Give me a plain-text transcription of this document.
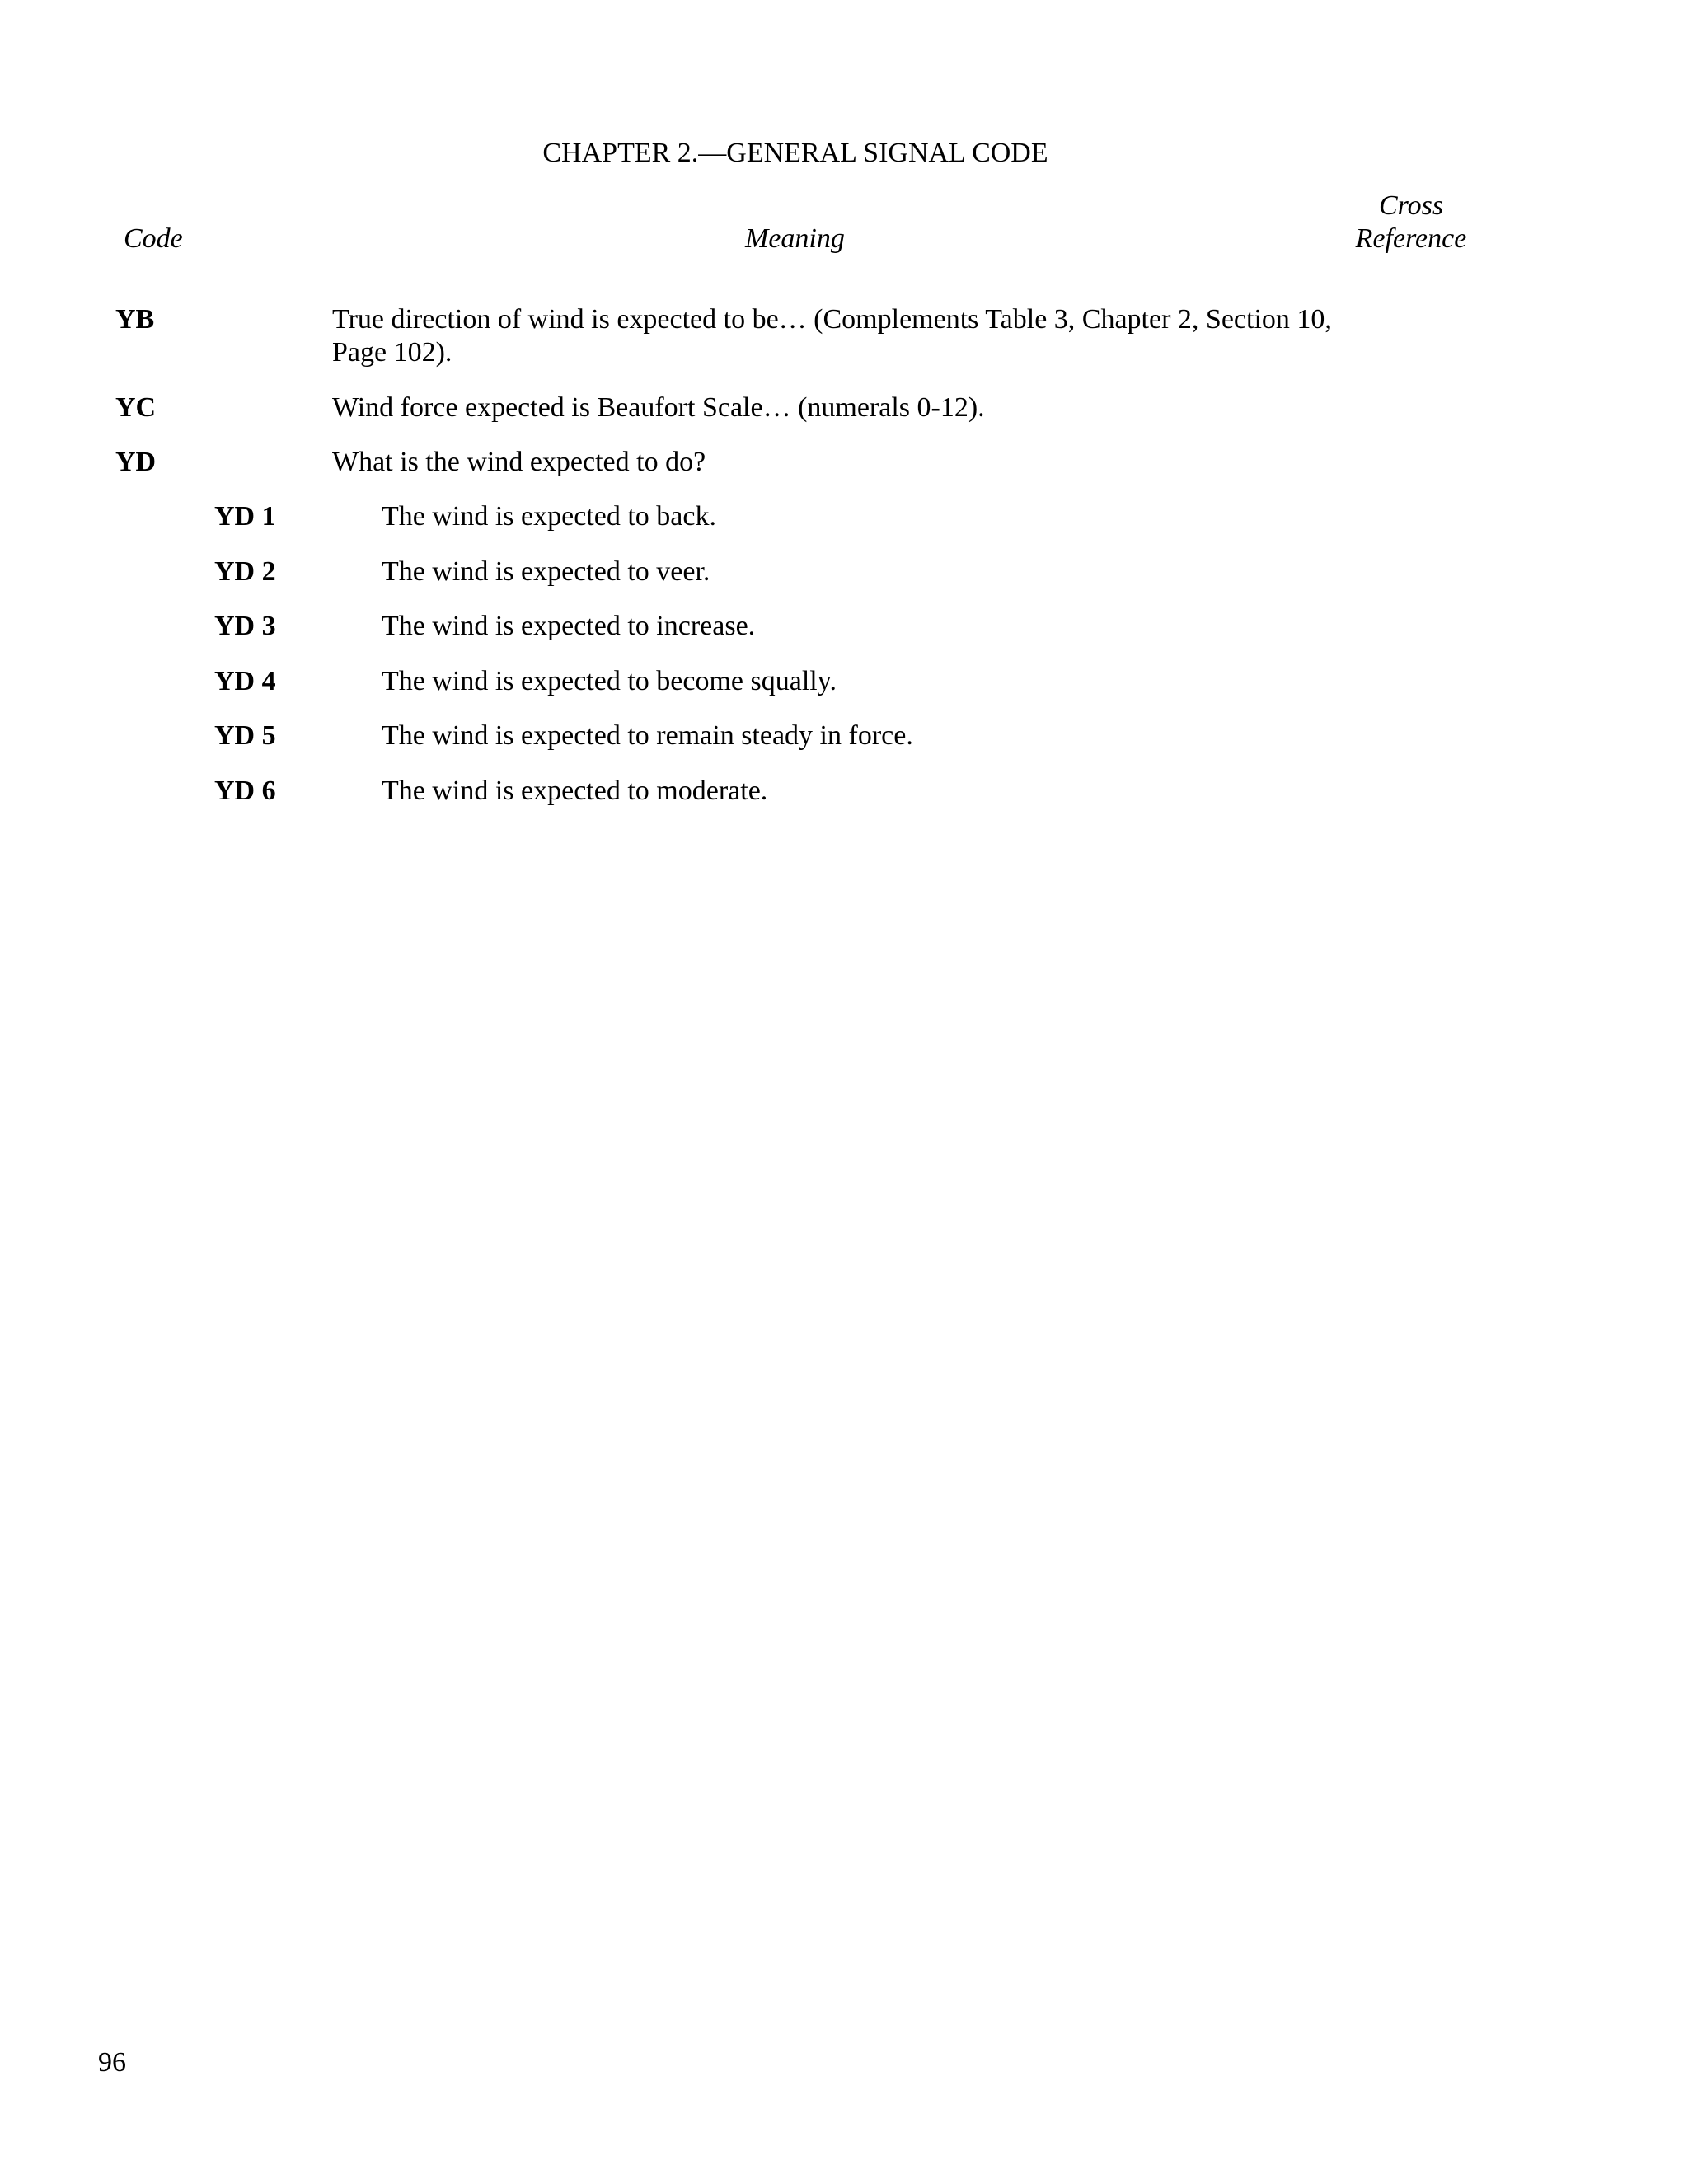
CHAPTER 2.—GENERAL SIGNAL CODE
Code	Meaning
Cross
Reference
YB	True direction of wind is expected to be… (Complements Table 3, Chapter 2, Section 10, Page 102).
YC	Wind force expected is Beaufort Scale… (numerals 0-12).
YD	What is the wind expected to do?
YD 1	The wind is expected to back.
YD 2	The wind is expected to veer.
YD 3	The wind is expected to increase.
YD 4	The wind is expected to become squally.
YD 5	The wind is expected to remain steady in force.
YD 6	The wind is expected to moderate.
96
